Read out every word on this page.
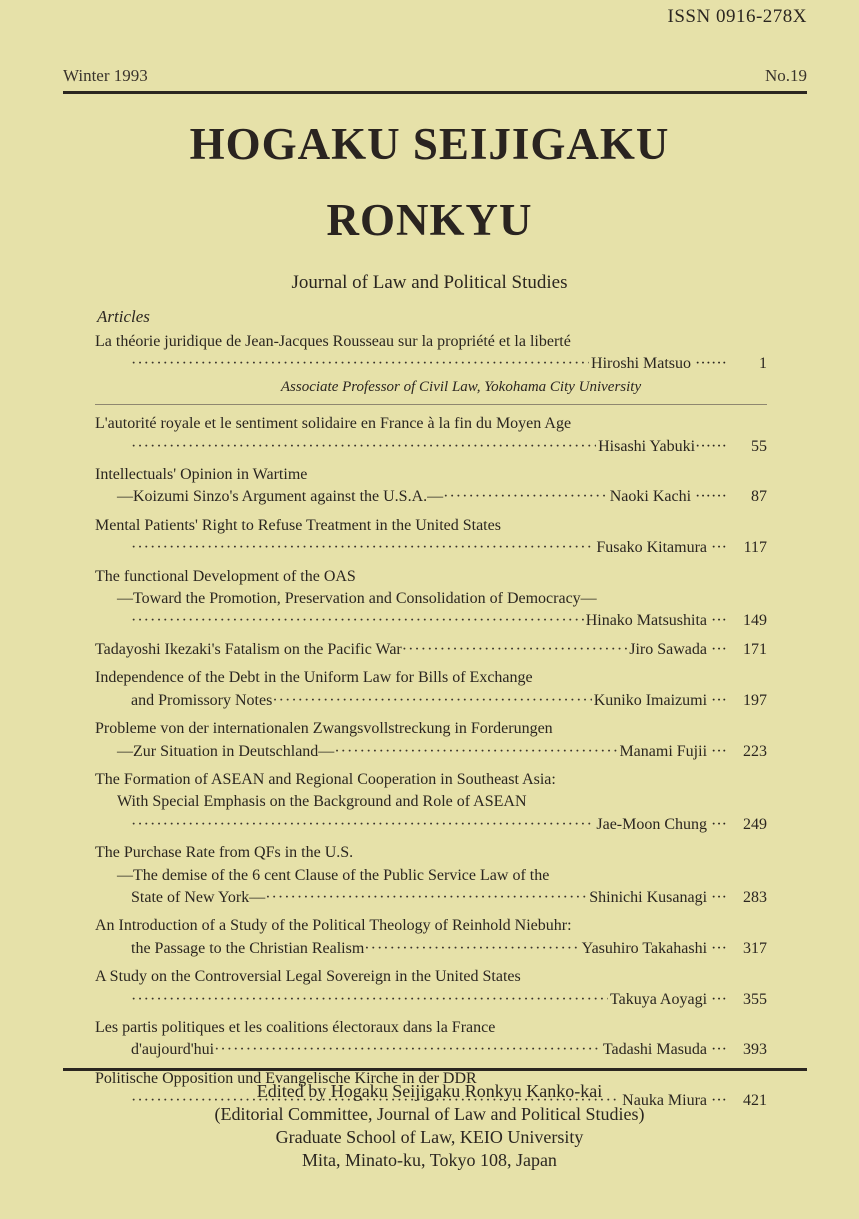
ISSN 0916-278X
Winter 1993	No.19
HOGAKU SEIJIGAKU
RONKYU
Journal of Law and Political Studies
Articles
La théorie juridique de Jean-Jacques Rousseau sur la propriété et la liberté
·····
Hiroshi Matsuo ······	1
Associate Professor of Civil Law, Yokohama City University
L'autorité royale et le sentiment solidaire en France à la fin du Moyen Age
·····
Hisashi Yabuki······	55
Intellectuals' Opinion in Wartime
—Koizumi Sinzo's Argument against the U.S.A.— ·····	Naoki Kachi ······	87
Mental Patients' Right to Refuse Treatment in the United States
·····
Fusako Kitamura ···	117
The functional Development of the OAS
—Toward the Promotion, Preservation and Consolidation of Democracy—
·····
Hinako Matsushita ···	149
Tadayoshi Ikezaki's Fatalism on the Pacific War ·····	Jiro Sawada ···	171
Independence of the Debt in the Uniform Law for Bills of Exchange
and Promissory Notes ·····	Kuniko Imaizumi ···	197
Probleme von der internationalen Zwangsvollstreckung in Forderungen
—Zur Situation in Deutschland— ·····	Manami Fujii ···	223
The Formation of ASEAN and Regional Cooperation in Southeast Asia:
With Special Emphasis on the Background and Role of ASEAN
·····
Jae-Moon Chung ···	249
The Purchase Rate from QFs in the U.S.
—The demise of the 6 cent Clause of the Public Service Law of the
State of New York— ·····	Shinichi Kusanagi ···	283
An Introduction of a Study of the Political Theology of Reinhold Niebuhr:
the Passage to the Christian Realism ·····	Yasuhiro Takahashi ···	317
A Study on the Controversial Legal Sovereign in the United States
·····
Takuya Aoyagi ···	355
Les partis politiques et les coalitions électoraux dans la France
d'aujourd'hui ·····	Tadashi Masuda ···	393
Politische Opposition und Evangelische Kirche in der DDR
·····
Nauka Miura ···	421
Edited by Hogaku Seijigaku Ronkyu Kanko-kai
(Editorial Committee, Journal of Law and Political Studies)
Graduate School of Law, KEIO University
Mita, Minato-ku, Tokyo 108, Japan
